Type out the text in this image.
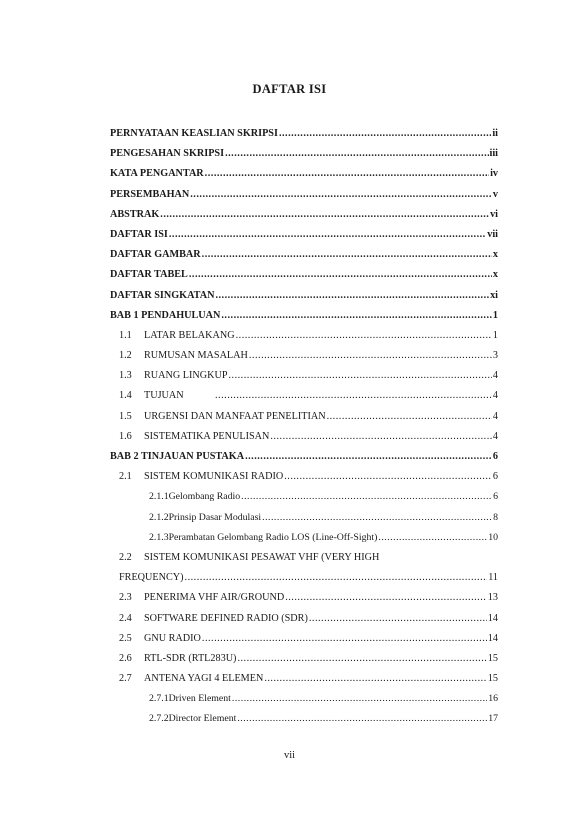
DAFTAR ISI
PERNYATAAN KEASLIAN SKRIPSI .....	ii
PENGESAHAN SKRIPSI .....	iii
KATA PENGANTAR .....	iv
PERSEMBAHAN .....	v
ABSTRAK .....	vi
DAFTAR ISI .....	vii
DAFTAR GAMBAR .....	x
DAFTAR TABEL .....	x
DAFTAR SINGKATAN .....	xi
BAB 1 PENDAHULUAN .....	1
1.1	LATAR BELAKANG .....	1
1.2	RUMUSAN MASALAH .....	3
1.3	RUANG LINGKUP .....	4
1.4	TUJUAN .....	4
1.5	URGENSI DAN MANFAAT PENELITIAN .....	4
1.6	SISTEMATIKA PENULISAN .....	4
BAB 2 TINJAUAN PUSTAKA .....	6
2.1	SISTEM KOMUNIKASI RADIO .....	6
2.1.1Gelombang Radio .....	6
2.1.2Prinsip Dasar Modulasi .....	8
2.1.3Perambatan Gelombang Radio LOS (Line-Off-Sight) .....	10
2.2	SISTEM KOMUNIKASI PESAWAT VHF (VERY HIGH
FREQUENCY) .....	11
2.3	PENERIMA VHF AIR/GROUND .....	13
2.4	SOFTWARE DEFINED RADIO (SDR) .....	14
2.5	GNU RADIO .....	14
2.6	RTL-SDR (RTL283U) .....	15
2.7	ANTENA YAGI 4 ELEMEN .....	15
2.7.1Driven Element .....	16
2.7.2Director Element .....	17
vii
